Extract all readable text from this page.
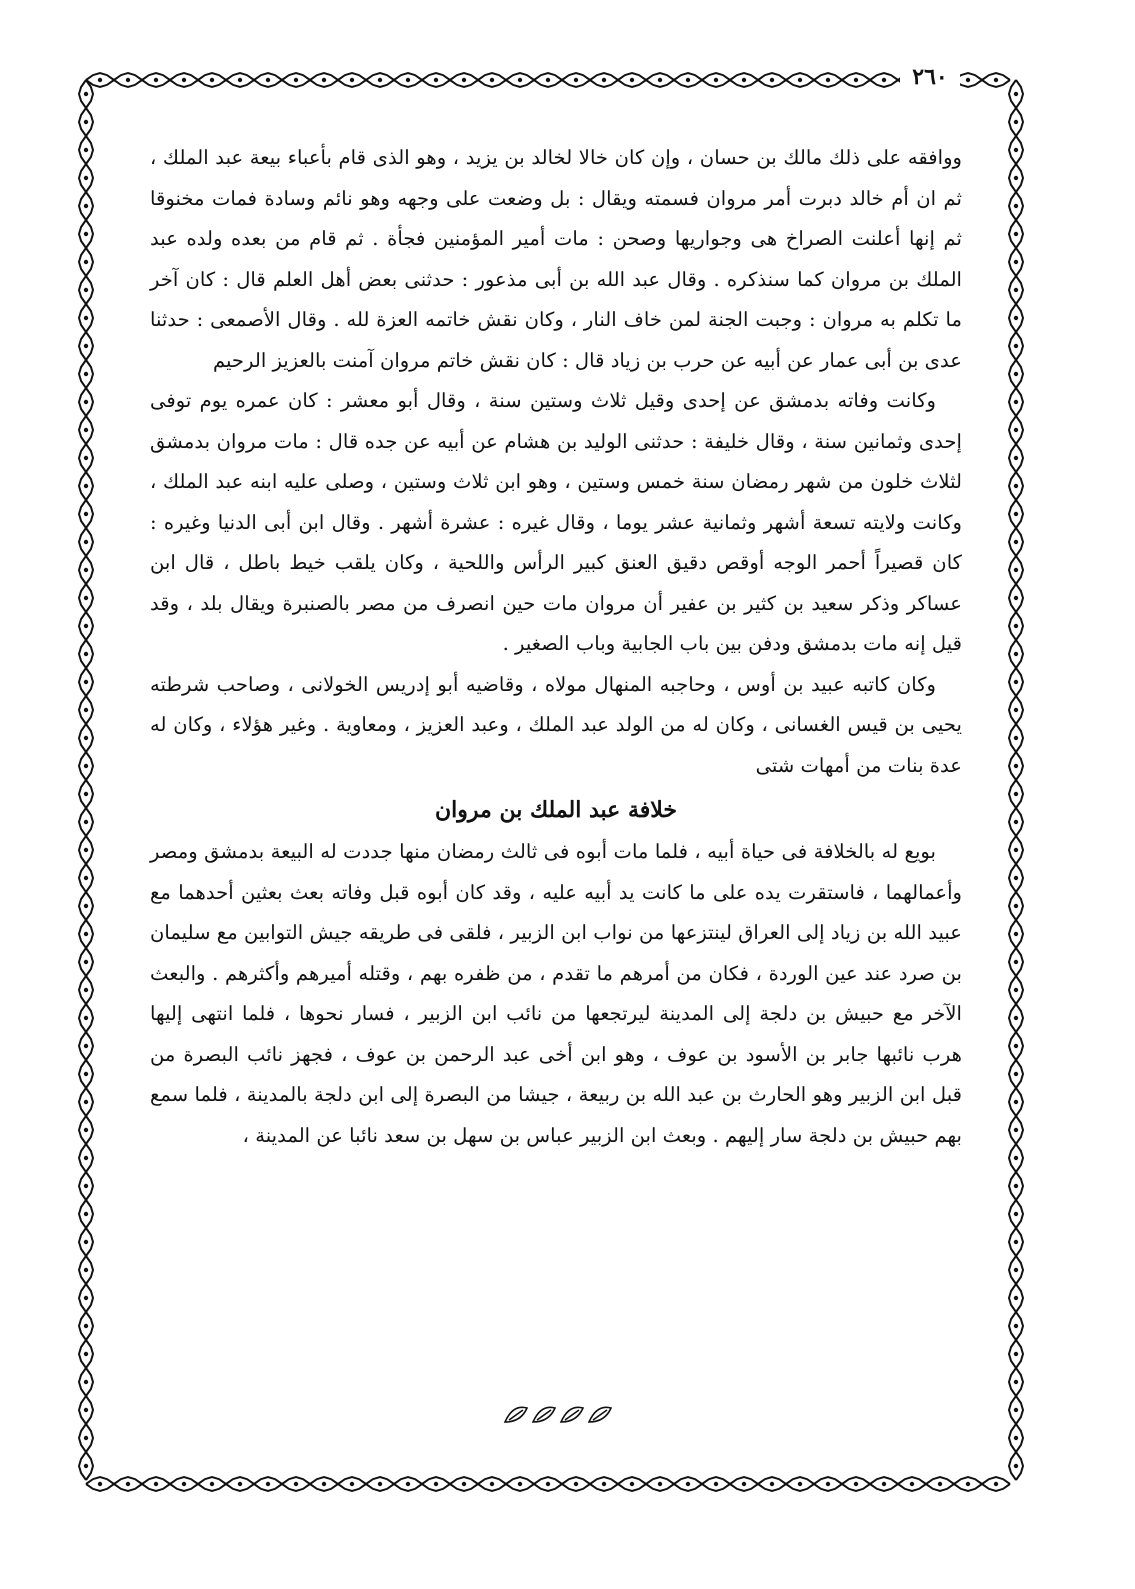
٢٦٠

ووافقه على ذلك مالك بن حسان ، وإن كان خالا لخالد بن يزيد ، وهو الذى قام بأعباء بيعة عبد الملك ، ثم ان أم خالد دبرت أمر مروان فسمته ويقال : بل وضعت على وجهه وهو نائم وسادة فمات مخنوقا ثم إنها أعلنت الصراخ هى وجواريها وصحن : مات أمير المؤمنين فجأة . ثم قام من بعده ولده عبد الملك بن مروان كما سنذكره . وقال عبد الله بن أبى مذعور : حدثنى بعض أهل العلم قال : كان آخر ما تكلم به مروان : وجبت الجنة لمن خاف النار ، وكان نقش خاتمه العزة لله . وقال الأصمعى : حدثنا عدى بن أبى عمار عن أبيه عن حرب بن زياد قال : كان نقش خاتم مروان آمنت بالعزيز الرحيم

وكانت وفاته بدمشق عن إحدى وقيل ثلاث وستين سنة ، وقال أبو معشر : كان عمره يوم توفى إحدى وثمانين سنة ، وقال خليفة : حدثنى الوليد بن هشام عن أبيه عن جده قال : مات مروان بدمشق لثلاث خلون من شهر رمضان سنة خمس وستين ، وهو ابن ثلاث وستين ، وصلى عليه ابنه عبد الملك ، وكانت ولايته تسعة أشهر وثمانية عشر يوما ، وقال غيره : عشرة أشهر . وقال ابن أبى الدنيا وغيره : كان قصيراً أحمر الوجه أوقص دقيق العنق كبير الرأس واللحية ، وكان يلقب خيط باطل ، قال ابن عساكر وذكر سعيد بن كثير بن عفير أن مروان مات حين انصرف من مصر بالصنبرة ويقال بلد ، وقد قيل إنه مات بدمشق ودفن بين باب الجابية وباب الصغير .

وكان كاتبه عبيد بن أوس ، وحاجبه المنهال مولاه ، وقاضيه أبو إدريس الخولانى ، وصاحب شرطته يحيى بن قيس الغسانى ، وكان له من الولد عبد الملك ، وعبد العزيز ، ومعاوية . وغير هؤلاء ، وكان له عدة بنات من أمهات شتى

خلافة عبد الملك بن مروان

بويع له بالخلافة فى حياة أبيه ، فلما مات أبوه فى ثالث رمضان منها جددت له البيعة بدمشق ومصر وأعمالهما ، فاستقرت يده على ما كانت يد أبيه عليه ، وقد كان أبوه قبل وفاته بعث بعثين أحدهما مع عبيد الله بن زياد إلى العراق لينتزعها من نواب ابن الزبير ، فلقى فى طريقه جيش التوابين مع سليمان بن صرد عند عين الوردة ، فكان من أمرهم ما تقدم ، من ظفره بهم ، وقتله أميرهم وأكثرهم . والبعث الآخر مع حبيش بن دلجة إلى المدينة ليرتجعها من نائب ابن الزبير ، فسار نحوها ، فلما انتهى إليها هرب نائبها جابر بن الأسود بن عوف ، وهو ابن أخى عبد الرحمن بن عوف ، فجهز نائب البصرة من قبل ابن الزبير وهو الحارث بن عبد الله بن ربيعة ، جيشا من البصرة إلى ابن دلجة بالمدينة ، فلما سمع بهم حبيش بن دلجة سار إليهم . وبعث ابن الزبير عباس بن سهل بن سعد نائبا عن المدينة ،
